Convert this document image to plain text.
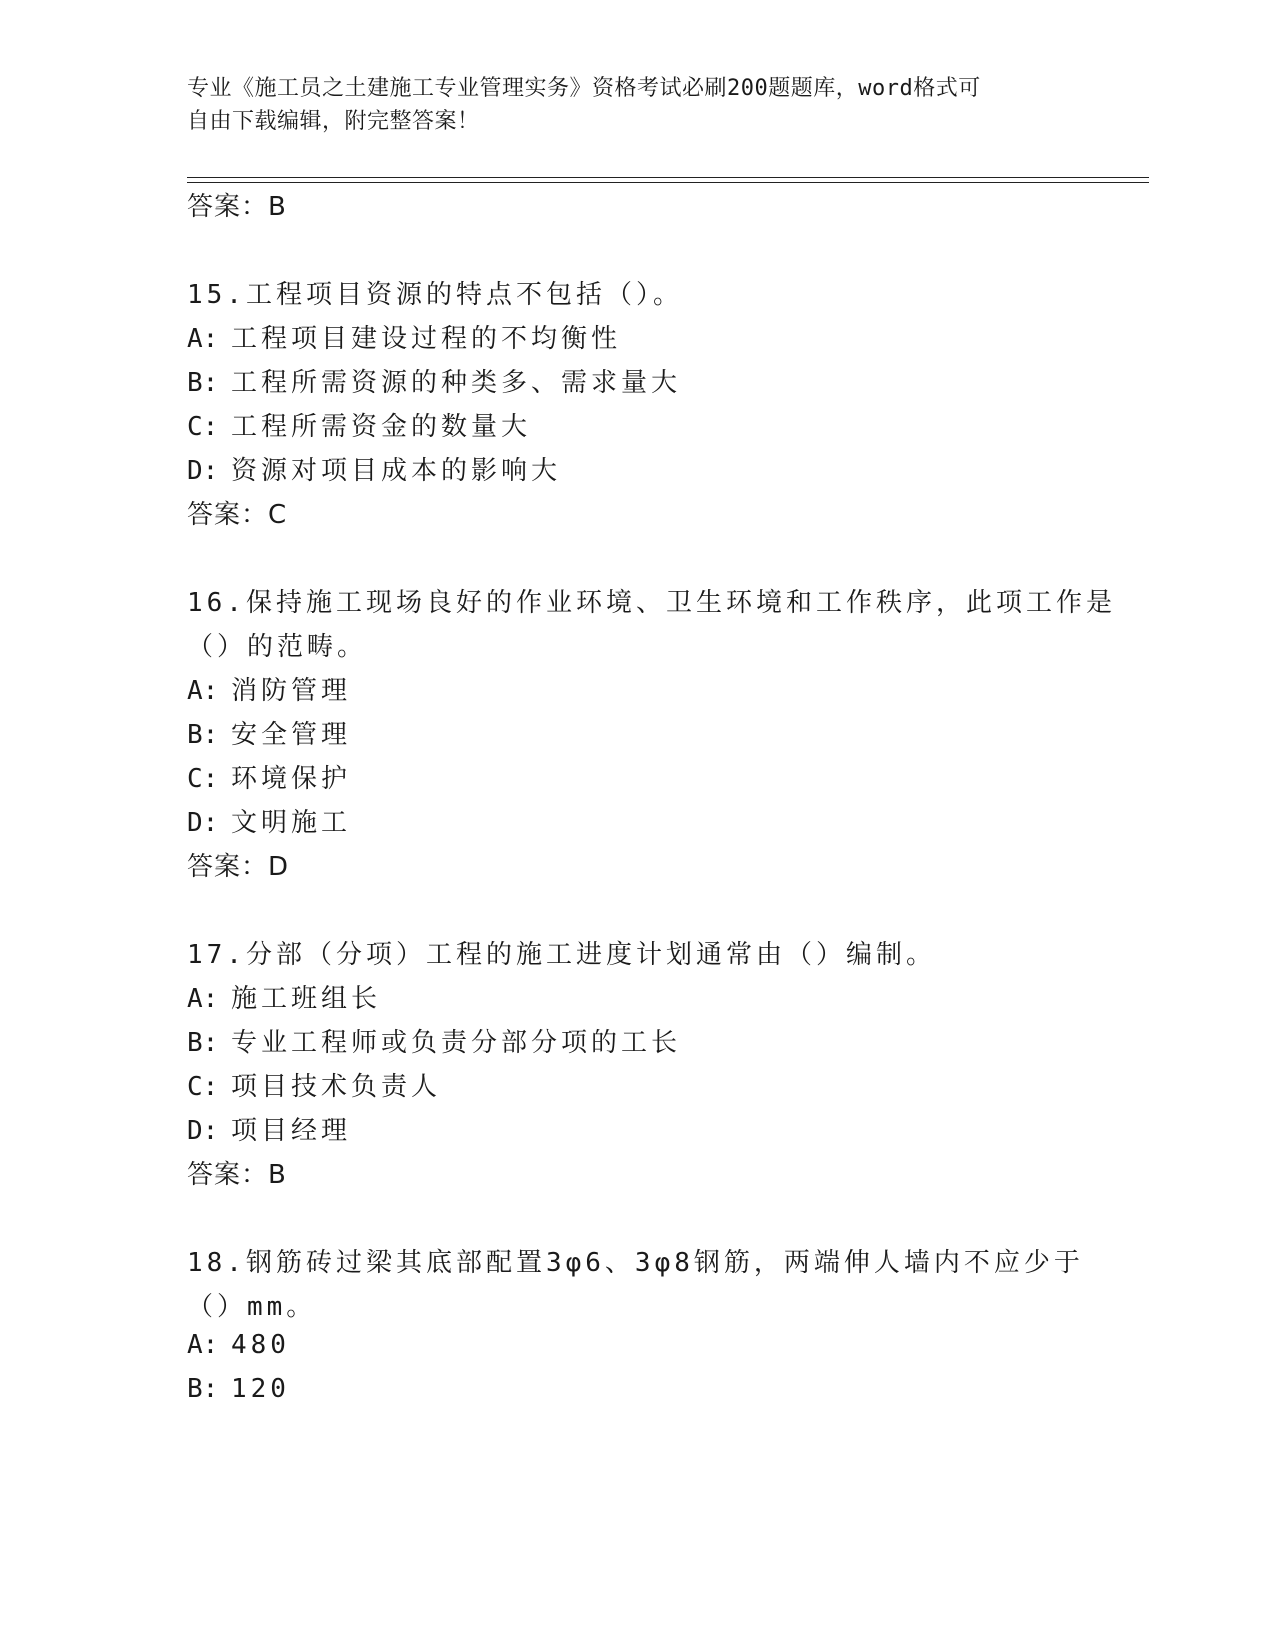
专业《施工员之土建施工专业管理实务》资格考试必刷200题题库，word格式可
自由下载编辑，附完整答案！
答案：B
15.工程项目资源的特点不包括（）。
A: 工程项目建设过程的不均衡性
B: 工程所需资源的种类多、需求量大
C: 工程所需资金的数量大
D: 资源对项目成本的影响大
答案：C
16.保持施工现场良好的作业环境、卫生环境和工作秩序，此项工作是
（）的范畴。
A: 消防管理
B: 安全管理
C: 环境保护
D: 文明施工
答案：D
17.分部（分项）工程的施工进度计划通常由（）编制。
A: 施工班组长
B: 专业工程师或负责分部分项的工长
C: 项目技术负责人
D: 项目经理
答案：B
18.钢筋砖过梁其底部配置3φ6、3φ8钢筋，两端伸人墙内不应少于
（）mm。
A: 480
B: 120
